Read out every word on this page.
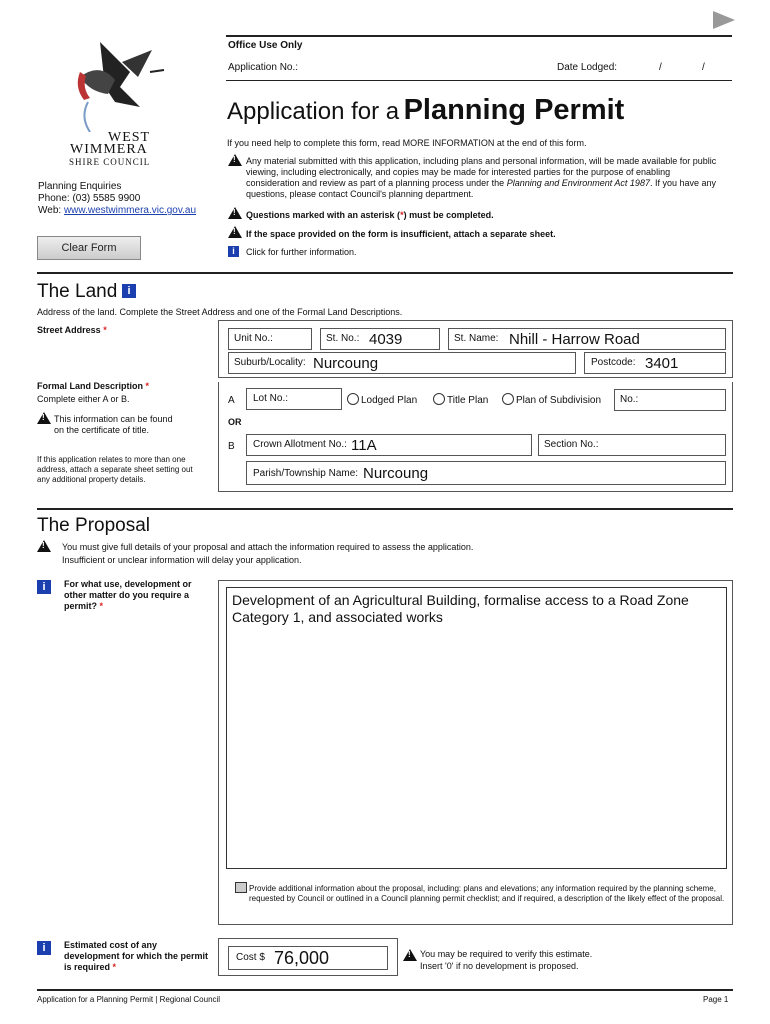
WEST
WIMMERA
SHIRE COUNCIL
Planning Enquiries
Phone: (03) 5585 9900
Web: www.westwimmera.vic.gov.au
Clear Form
Office Use Only
Application No.:	Date Lodged:	/	/
Application for a Planning Permit
If you need help to complete this form, read MORE INFORMATION at the end of this form.
!
Any material submitted with this application, including plans and personal information, will be made available for public viewing, including electronically, and copies may be made for interested parties for the purpose of enabling consideration and review as part of a planning process under the Planning and Environment Act 1987. If you have any questions, please contact Council's planning department.
!
Questions marked with an asterisk (*) must be completed.
!
If the space provided on the form is insufficient, attach a separate sheet.
i	Click for further information.
The Land i
Address of the land. Complete the Street Address and one of the Formal Land Descriptions.
Street Address *
Unit No.:	St. No.: 4039	St. Name: Nhill - Harrow Road
Suburb/Locality: Nurcoung	Postcode: 3401
Formal Land Description *
Complete either A or B.
!
This information can be found on the certificate of title.
If this application relates to more than one address, attach a separate sheet setting out any additional property details.
A Lot No.:	Lodged Plan	Title Plan	Plan of Subdivision No.:
OR
B Crown Allotment No.: 11A	Section No.:
Parish/Township Name: Nurcoung
The Proposal
!
You must give full details of your proposal and attach the information required to assess the application.
Insufficient or unclear information will delay your application.
i	For what use, development or other matter do you require a permit? *	Development of an Agricultural Building, formalise access to a Road Zone Category 1, and associated works
Provide additional information about the proposal, including: plans and elevations; any information required by the planning scheme, requested by Council or outlined in a Council planning permit checklist; and if required, a description of the likely effect of the proposal.
i	Estimated cost of any development for which the permit is required *
Cost $ 76,000
!	You may be required to verify this estimate.
Insert '0' if no development is proposed.
Application for a Planning Permit | Regional Council	Page 1
